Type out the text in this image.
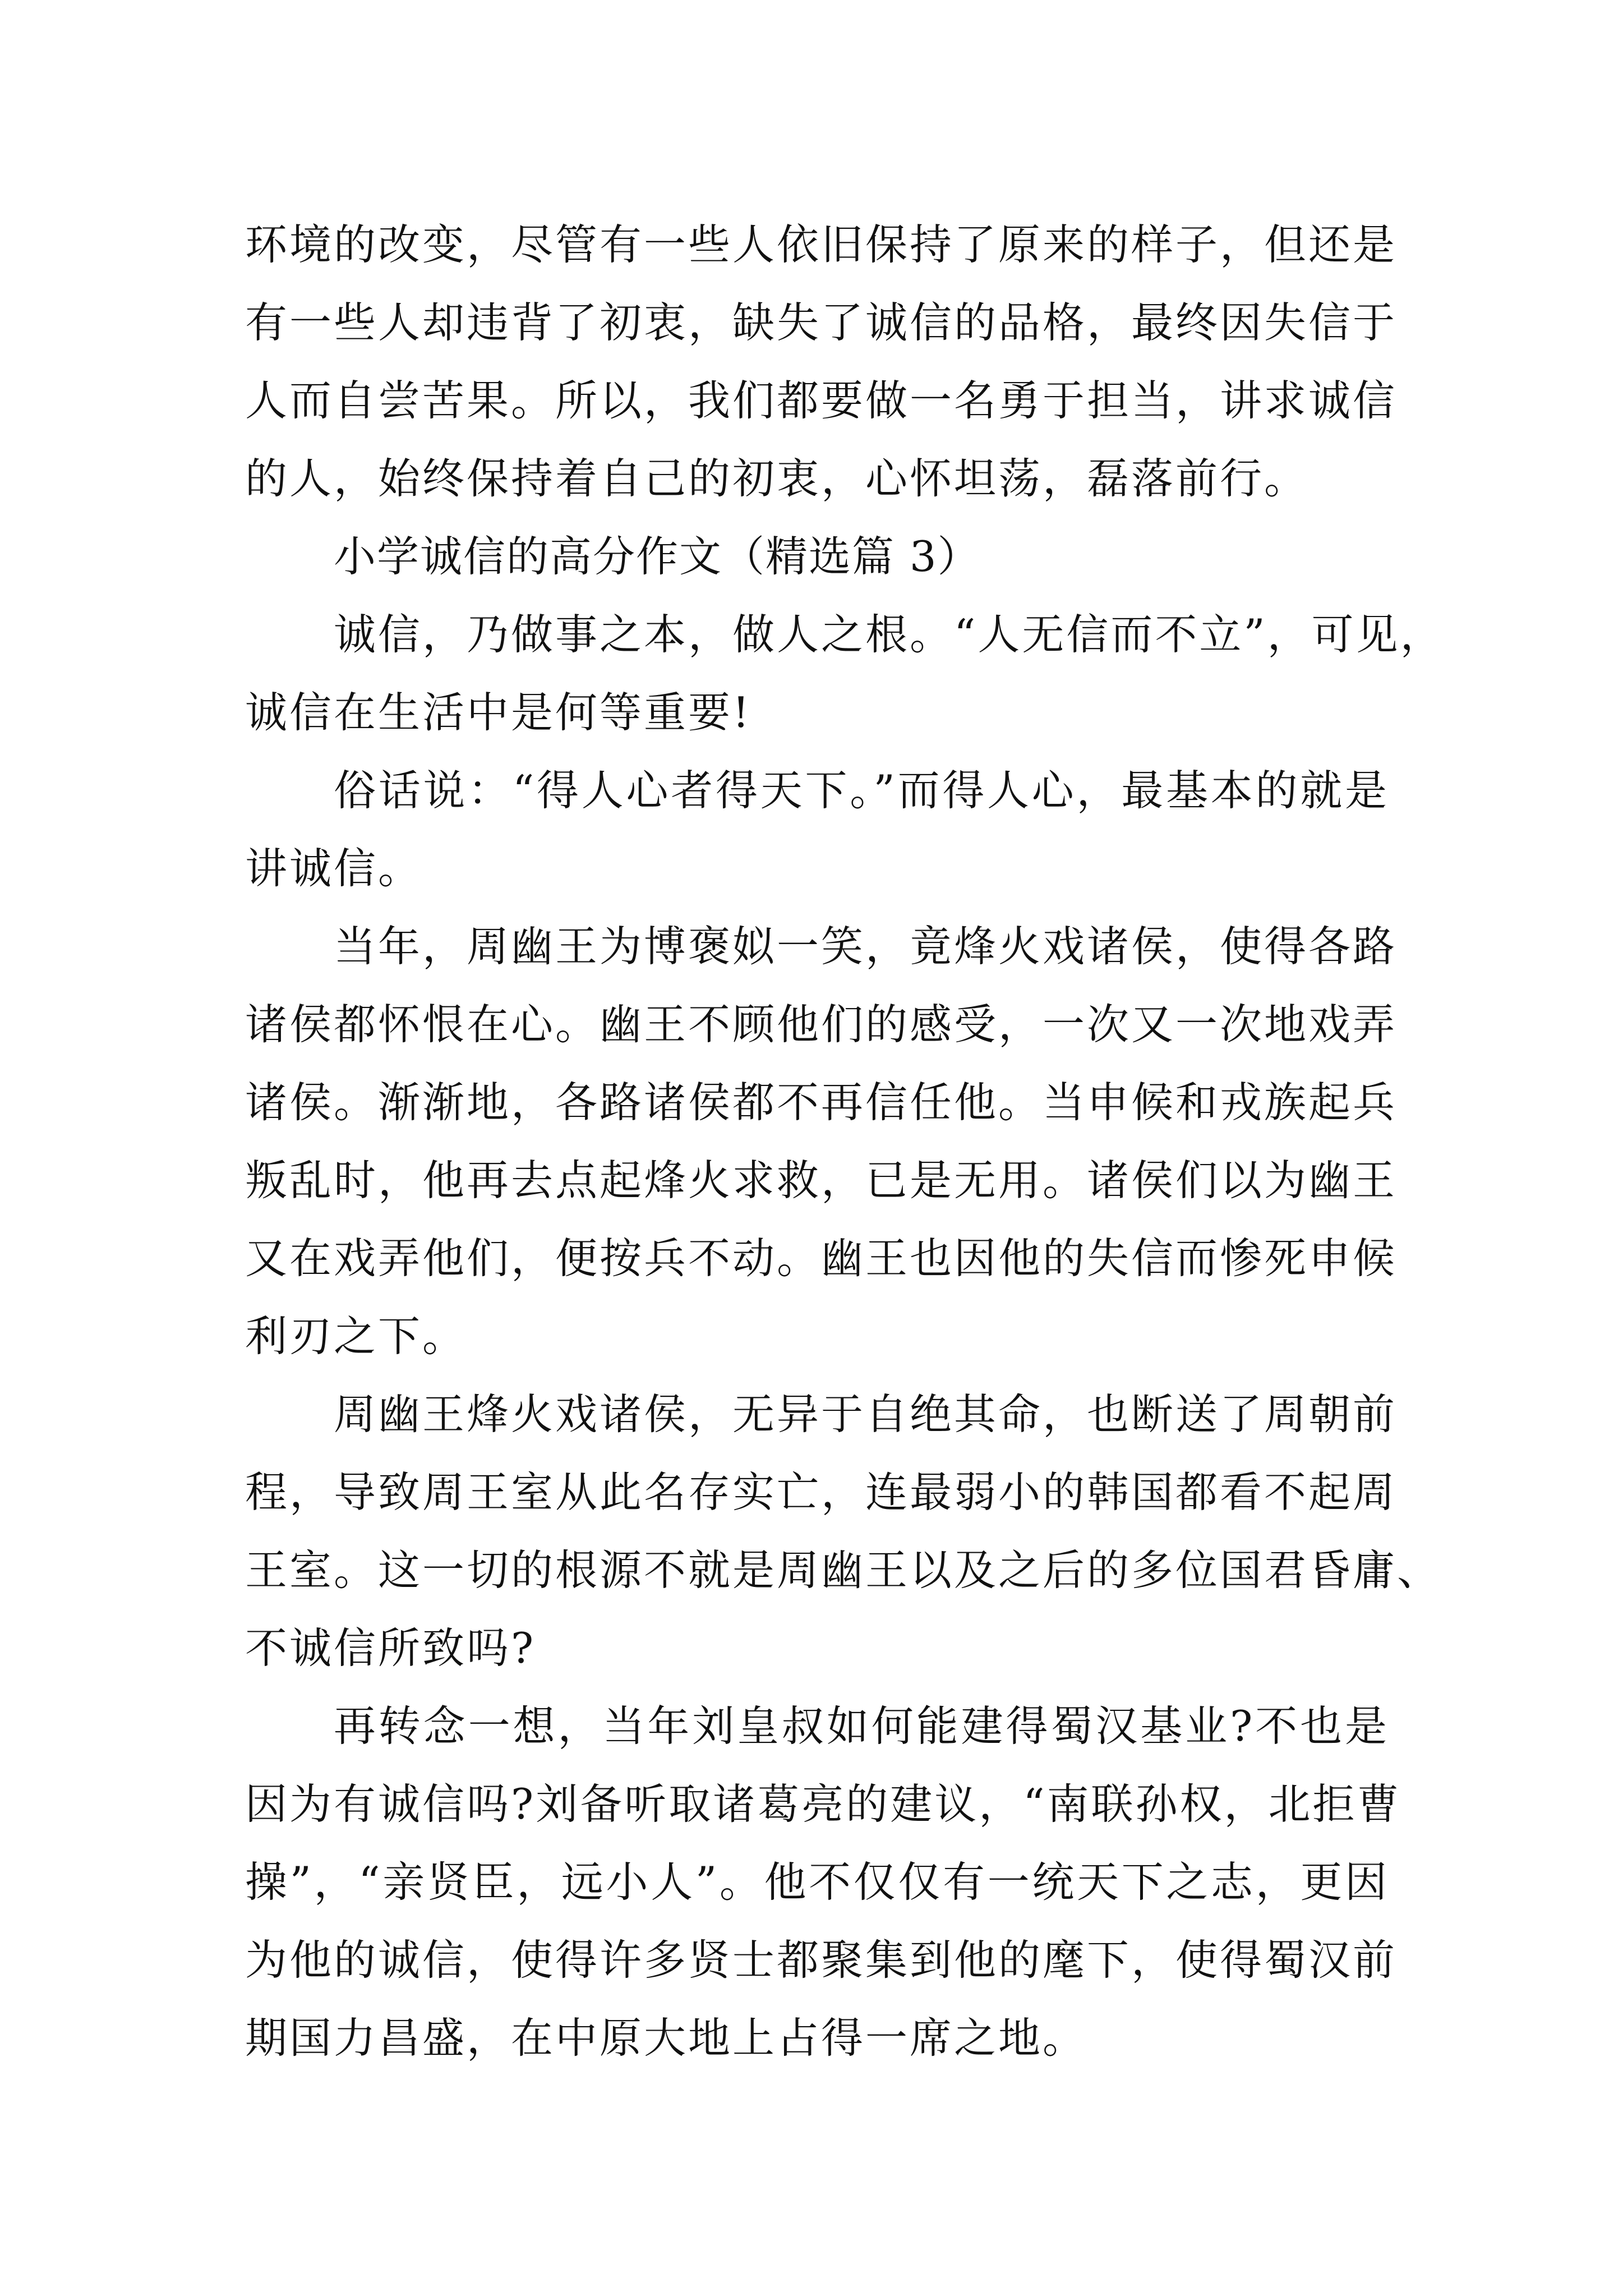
环境的改变，尽管有一些人依旧保持了原来的样子，但还是

有一些人却违背了初衷，缺失了诚信的品格，最终因失信于

人而自尝苦果。所以，我们都要做一名勇于担当，讲求诚信

的人，始终保持着自己的初衷，心怀坦荡，磊落前行。

小学诚信的高分作文（精选篇 3）

诚信，乃做事之本，做人之根。“人无信而不立”，可见，

诚信在生活中是何等重要!

俗话说：“得人心者得天下。”而得人心，最基本的就是

讲诚信。

当年，周幽王为博褒姒一笑，竟烽火戏诸侯，使得各路

诸侯都怀恨在心。幽王不顾他们的感受，一次又一次地戏弄

诸侯。渐渐地，各路诸侯都不再信任他。当申候和戎族起兵

叛乱时，他再去点起烽火求救，已是无用。诸侯们以为幽王

又在戏弄他们，便按兵不动。幽王也因他的失信而惨死申候

利刃之下。

周幽王烽火戏诸侯，无异于自绝其命，也断送了周朝前

程，导致周王室从此名存实亡，连最弱小的韩国都看不起周

王室。这一切的根源不就是周幽王以及之后的多位国君昏庸、

不诚信所致吗?

再转念一想，当年刘皇叔如何能建得蜀汉基业?不也是

因为有诚信吗?刘备听取诸葛亮的建议，“南联孙权，北拒曹

操”，“亲贤臣，远小人”。他不仅仅有一统天下之志，更因

为他的诚信，使得许多贤士都聚集到他的麾下，使得蜀汉前

期国力昌盛，在中原大地上占得一席之地。
